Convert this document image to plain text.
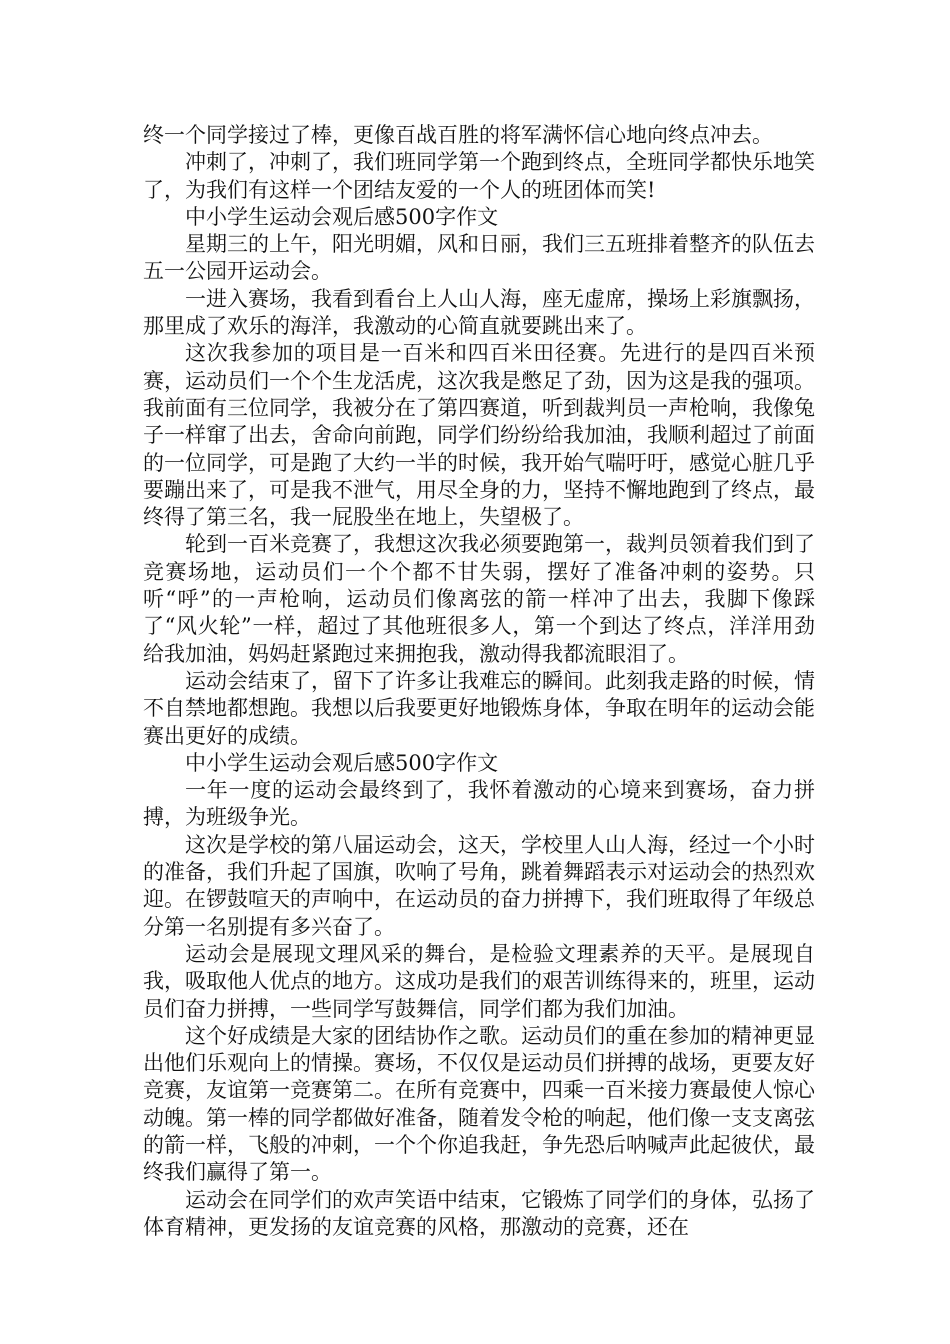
终一个同学接过了棒，更像百战百胜的将军满怀信心地向终点冲去。

冲刺了，冲刺了，我们班同学第一个跑到终点，全班同学都快乐地笑了，为我们有这样一个团结友爱的一个人的班团体而笑!

中小学生运动会观后感500字作文

星期三的上午，阳光明媚，风和日丽，我们三五班排着整齐的队伍去五一公园开运动会。

一进入赛场，我看到看台上人山人海，座无虚席，操场上彩旗飘扬，那里成了欢乐的海洋，我激动的心简直就要跳出来了。

这次我参加的项目是一百米和四百米田径赛。先进行的是四百米预赛，运动员们一个个生龙活虎，这次我是憋足了劲，因为这是我的强项。我前面有三位同学，我被分在了第四赛道，听到裁判员一声枪响，我像兔子一样窜了出去，舍命向前跑，同学们纷纷给我加油，我顺利超过了前面的一位同学，可是跑了大约一半的时候，我开始气喘吁吁，感觉心脏几乎要蹦出来了，可是我不泄气，用尽全身的力，坚持不懈地跑到了终点，最终得了第三名，我一屁股坐在地上，失望极了。

轮到一百米竞赛了，我想这次我必须要跑第一，裁判员领着我们到了竞赛场地，运动员们一个个都不甘失弱，摆好了准备冲刺的姿势。只听“呼”的一声枪响，运动员们像离弦的箭一样冲了出去，我脚下像踩了“风火轮”一样，超过了其他班很多人，第一个到达了终点，洋洋用劲给我加油，妈妈赶紧跑过来拥抱我，激动得我都流眼泪了。

运动会结束了，留下了许多让我难忘的瞬间。此刻我走路的时候，情不自禁地都想跑。我想以后我要更好地锻炼身体，争取在明年的运动会能赛出更好的成绩。

中小学生运动会观后感500字作文

一年一度的运动会最终到了，我怀着激动的心境来到赛场，奋力拼搏，为班级争光。

这次是学校的第八届运动会，这天，学校里人山人海，经过一个小时的准备，我们升起了国旗，吹响了号角，跳着舞蹈表示对运动会的热烈欢迎。在锣鼓喧天的声响中，在运动员的奋力拼搏下，我们班取得了年级总分第一名别提有多兴奋了。

运动会是展现文理风采的舞台，是检验文理素养的天平。是展现自我，吸取他人优点的地方。这成功是我们的艰苦训练得来的，班里，运动员们奋力拼搏，一些同学写鼓舞信，同学们都为我们加油。

这个好成绩是大家的团结协作之歌。运动员们的重在参加的精神更显出他们乐观向上的情操。赛场，不仅仅是运动员们拼搏的战场，更要友好竞赛，友谊第一竞赛第二。在所有竞赛中，四乘一百米接力赛最使人惊心动魄。第一棒的同学都做好准备，随着发令枪的响起，他们像一支支离弦的箭一样，飞般的冲刺，一个个你追我赶，争先恐后呐喊声此起彼伏，最终我们赢得了第一。

运动会在同学们的欢声笑语中结束，它锻炼了同学们的身体，弘扬了体育精神，更发扬的友谊竞赛的风格，那激动的竞赛，还在
